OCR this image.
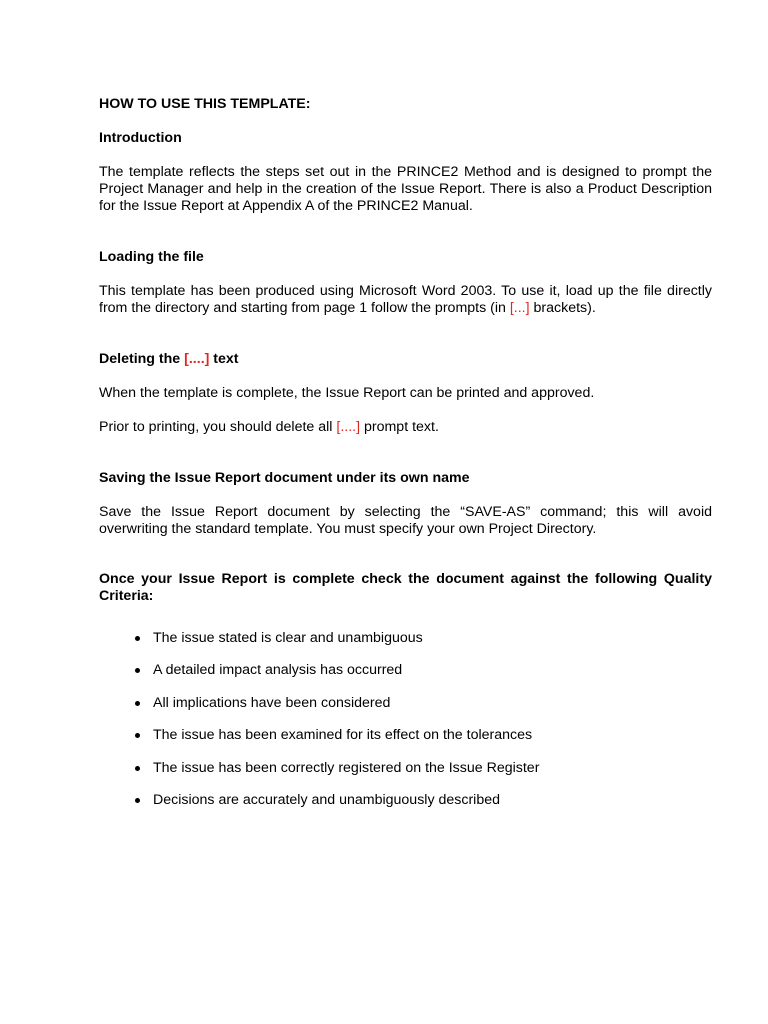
HOW TO USE THIS TEMPLATE:
Introduction
The template reflects the steps set out in the PRINCE2 Method and is designed to prompt the Project Manager and help in the creation of the Issue Report. There is also a Product Description for the Issue Report at Appendix A of the PRINCE2 Manual.
Loading the file
This template has been produced using Microsoft Word 2003. To use it, load up the file directly from the directory and starting from page 1 follow the prompts (in [...] brackets).
Deleting the [....] text
When the template is complete, the Issue Report can be printed and approved.
Prior to printing, you should delete all [....] prompt text.
Saving the Issue Report document under its own name
Save the Issue Report document by selecting the “SAVE-AS” command; this will avoid overwriting the standard template. You must specify your own Project Directory.
Once your Issue Report is complete check the document against the following Quality Criteria:
The issue stated is clear and unambiguous
A detailed impact analysis has occurred
All implications have been considered
The issue has been examined for its effect on the tolerances
The issue has been correctly registered on the Issue Register
Decisions are accurately and unambiguously described
